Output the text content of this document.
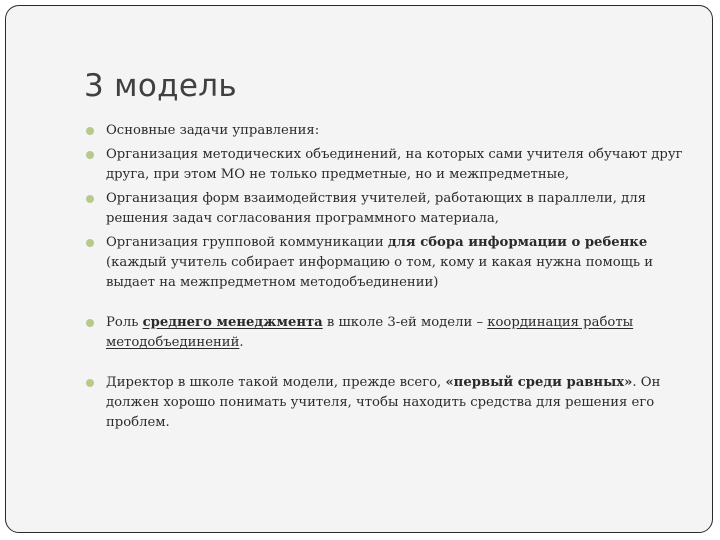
3 модель
Основные задачи управления:
Организация методических объединений, на которых сами учителя обучают друг друга, при этом МО не только предметные, но и межпредметные,
Организация форм взаимодействия учителей, работающих в параллели, для решения задач согласования программного материала,
Организация групповой коммуникации для сбора информации о ребенке (каждый учитель собирает информацию о том, кому и какая нужна помощь и выдает на межпредметном методобъединении)
Роль среднего менеджмента в школе 3-ей модели – координация работы методобъединений.
Директор в школе такой модели, прежде всего, «первый среди равных». Он должен хорошо понимать учителя, чтобы находить средства для решения его проблем.
